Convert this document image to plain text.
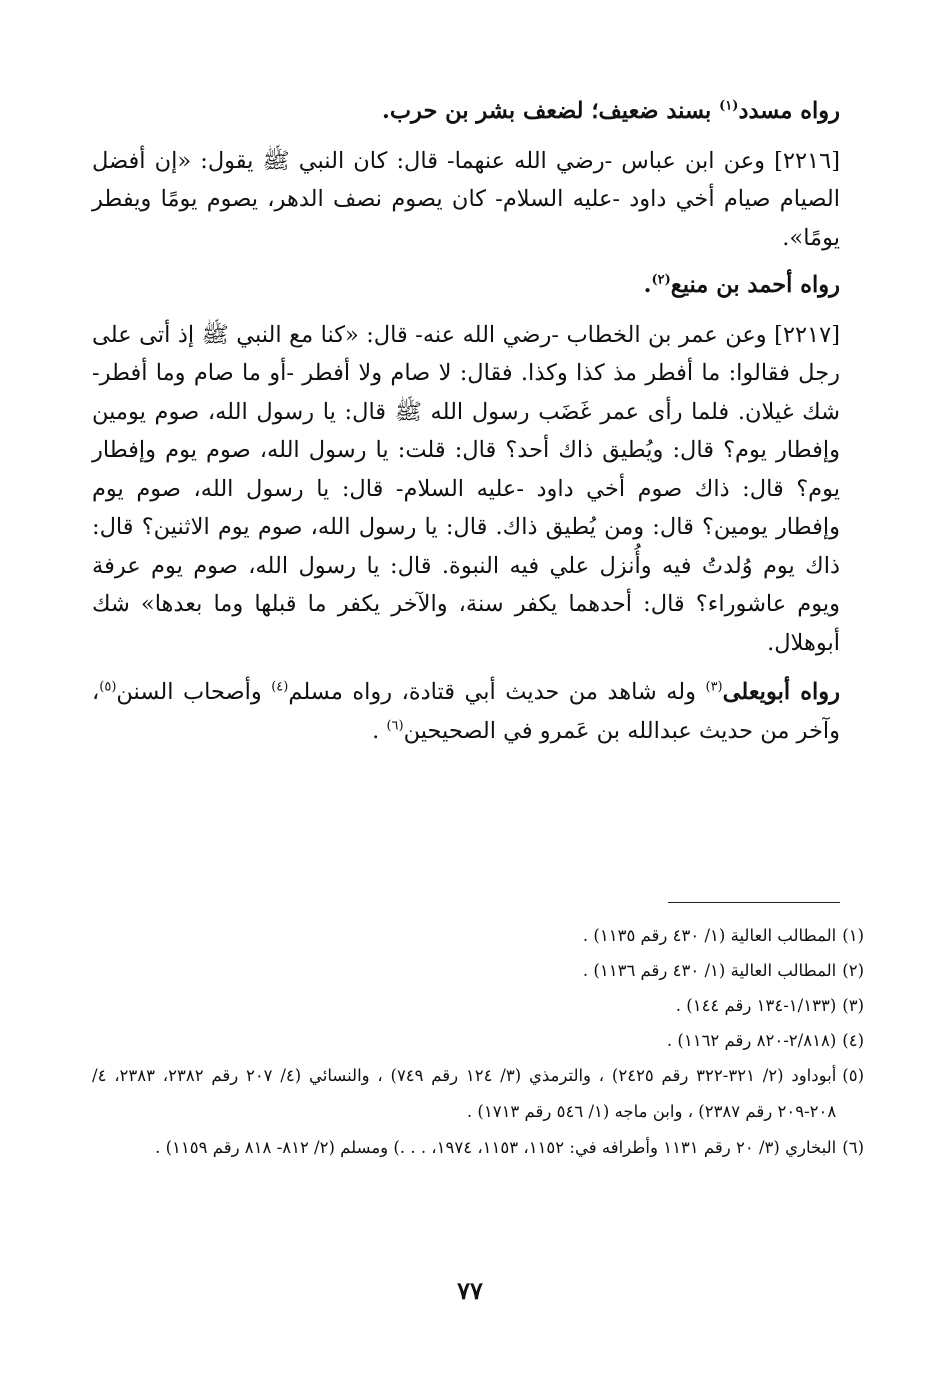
رواه مسدد$^{(١)}$ بسند ضعيف؛ لضعف بشر بن حرب.

[٢٢١٦] وعن ابن عباس -رضي الله عنهما- قال: كان النبي ﷺ يقول: «إن أفضل الصيام صيام أخي داود -عليه السلام- كان يصوم نصف الدهر، يصوم يومًا ويفطر يومًا».

رواه أحمد بن منيع$^{(٢)}$.

[٢٢١٧] وعن عمر بن الخطاب -رضي الله عنه- قال: «كنا مع النبي ﷺ إذ أتى على رجل فقالوا: ما أفطر مذ كذا وكذا. فقال: لا صام ولا أفطر -أو ما صام وما أفطر- شك غيلان. فلما رأى عمر غَضَب رسول الله ﷺ قال: يا رسول الله، صوم يومين وإفطار يوم؟ قال: ويُطيق ذاك أحد؟ قال: قلت: يا رسول الله، صوم يوم وإفطار يوم؟ قال: ذاك صوم أخي داود -عليه السلام- قال: يا رسول الله، صوم يوم وإفطار يومين؟ قال: ومن يُطيق ذاك. قال: يا رسول الله، صوم يوم الاثنين؟ قال: ذاك يوم وُلدتُ فيه وأُنزل علي فيه النبوة. قال: يا رسول الله، صوم يوم عرفة ويوم عاشوراء؟ قال: أحدهما يكفر سنة، والآخر يكفر ما قبلها وما بعدها» شك أبوهلال.

رواه أبويعلى$^{(٣)}$ وله شاهد من حديث أبي قتادة، رواه مسلم$^{(٤)}$ وأصحاب السنن$^{(٥)}$، وآخر من حديث عبدالله بن عَمرو في الصحيحين$^{(٦)}$ .

(١)
المطالب العالية (١/ ٤٣٠ رقم ١١٣٥) .
(٢)
المطالب العالية (١/ ٤٣٠ رقم ١١٣٦) .
(٣)
(١/١٣٣-١٣٤ رقم ١٤٤) .
(٤)
(٢/٨١٨-٨٢٠ رقم ١١٦٢) .
(٥)
أبوداود (٢/ ٣٢١-٣٢٢ رقم ٢٤٢٥) ، والترمذي (٣/ ١٢٤ رقم ٧٤٩) ، والنسائي (٤/ ٢٠٧ رقم ٢٣٨٢، ٢٣٨٣، ٤/ ٢٠٨-٢٠٩ رقم ٢٣٨٧) ، وابن ماجه (١/ ٥٤٦ رقم ١٧١٣) .
(٦)
البخاري (٣/ ٢٠ رقم ١١٣١ وأطرافه في: ١١٥٢، ١١٥٣، ١٩٧٤، . . .) ومسلم (٢/ ٨١٢- ٨١٨ رقم ١١٥٩) .
٧٧
